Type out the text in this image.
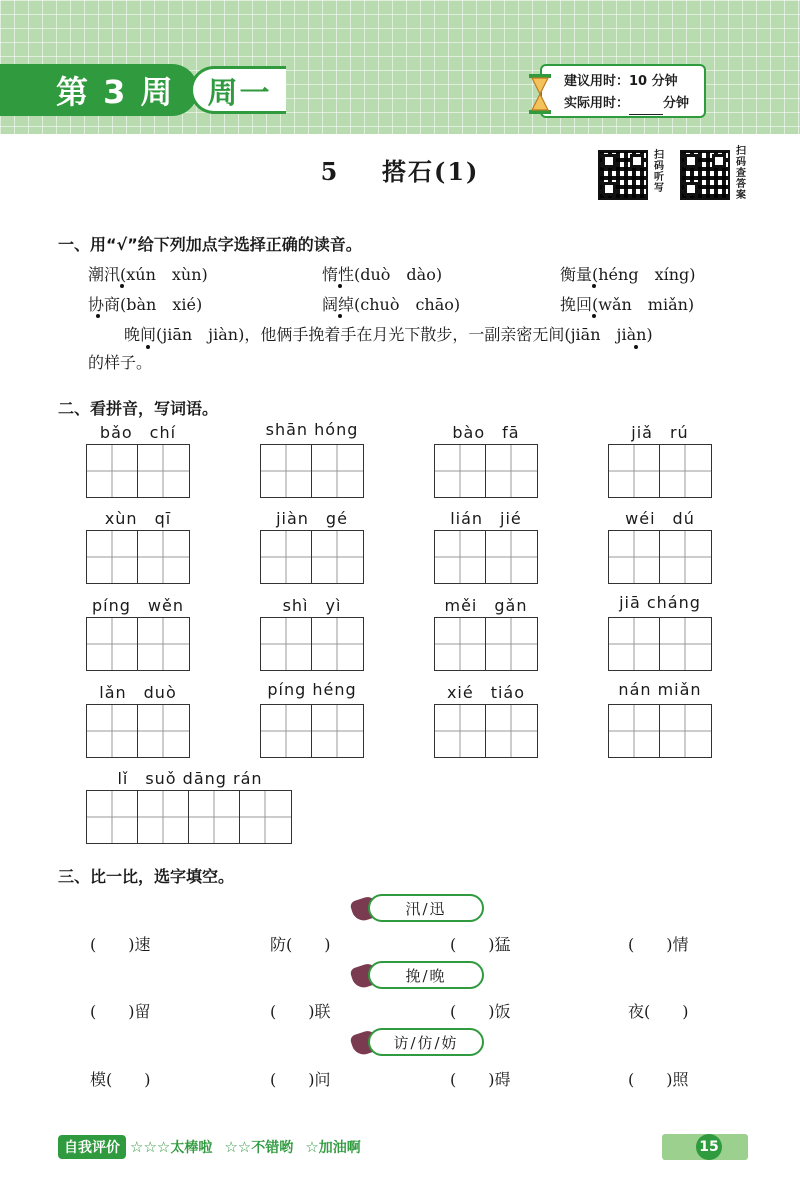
第 3 周	周一	建议用时：10 分钟
实际用时：	分钟
5 搭石(1)
扫
码
听
写
扫
码
查
答
案
一、用“√”给下列加点字选择正确的读音。
潮汛(xún　xùn)	惰性(duò　dào)	衡量(héng　xíng)
协商(bàn　xié)	阔绰(chuò　chāo)	挽回(wǎn　miǎn)
晚间(jiān　jiàn)，他俩手挽着手在月光下散步，一副亲密无间(jiān　jiàn)
的样子。
二、看拼音，写词语。
bǎo　chí	shān hóng	bào　fā	jiǎ　rú
xùn　qī	jiàn　gé	lián　jié	wéi　dú
píng　wěn	shì　yì	měi　gǎn	jiā cháng
lǎn　duò	píng héng	xié　tiáo	nán miǎn
lǐ　suǒ dāng rán
三、比一比，选字填空。
汛/迅
(　　)速	防(　　)	(　　)猛	(　　)情
挽/晚
(　　)留	(　　)联	(　　)饭	夜(　　)
访/仿/妨
模(　　)	(　　)问	(　　)碍	(　　)照
自我评价 ☆☆☆ 太棒啦 ☆☆ 不错哟 ☆ 加油啊	15
